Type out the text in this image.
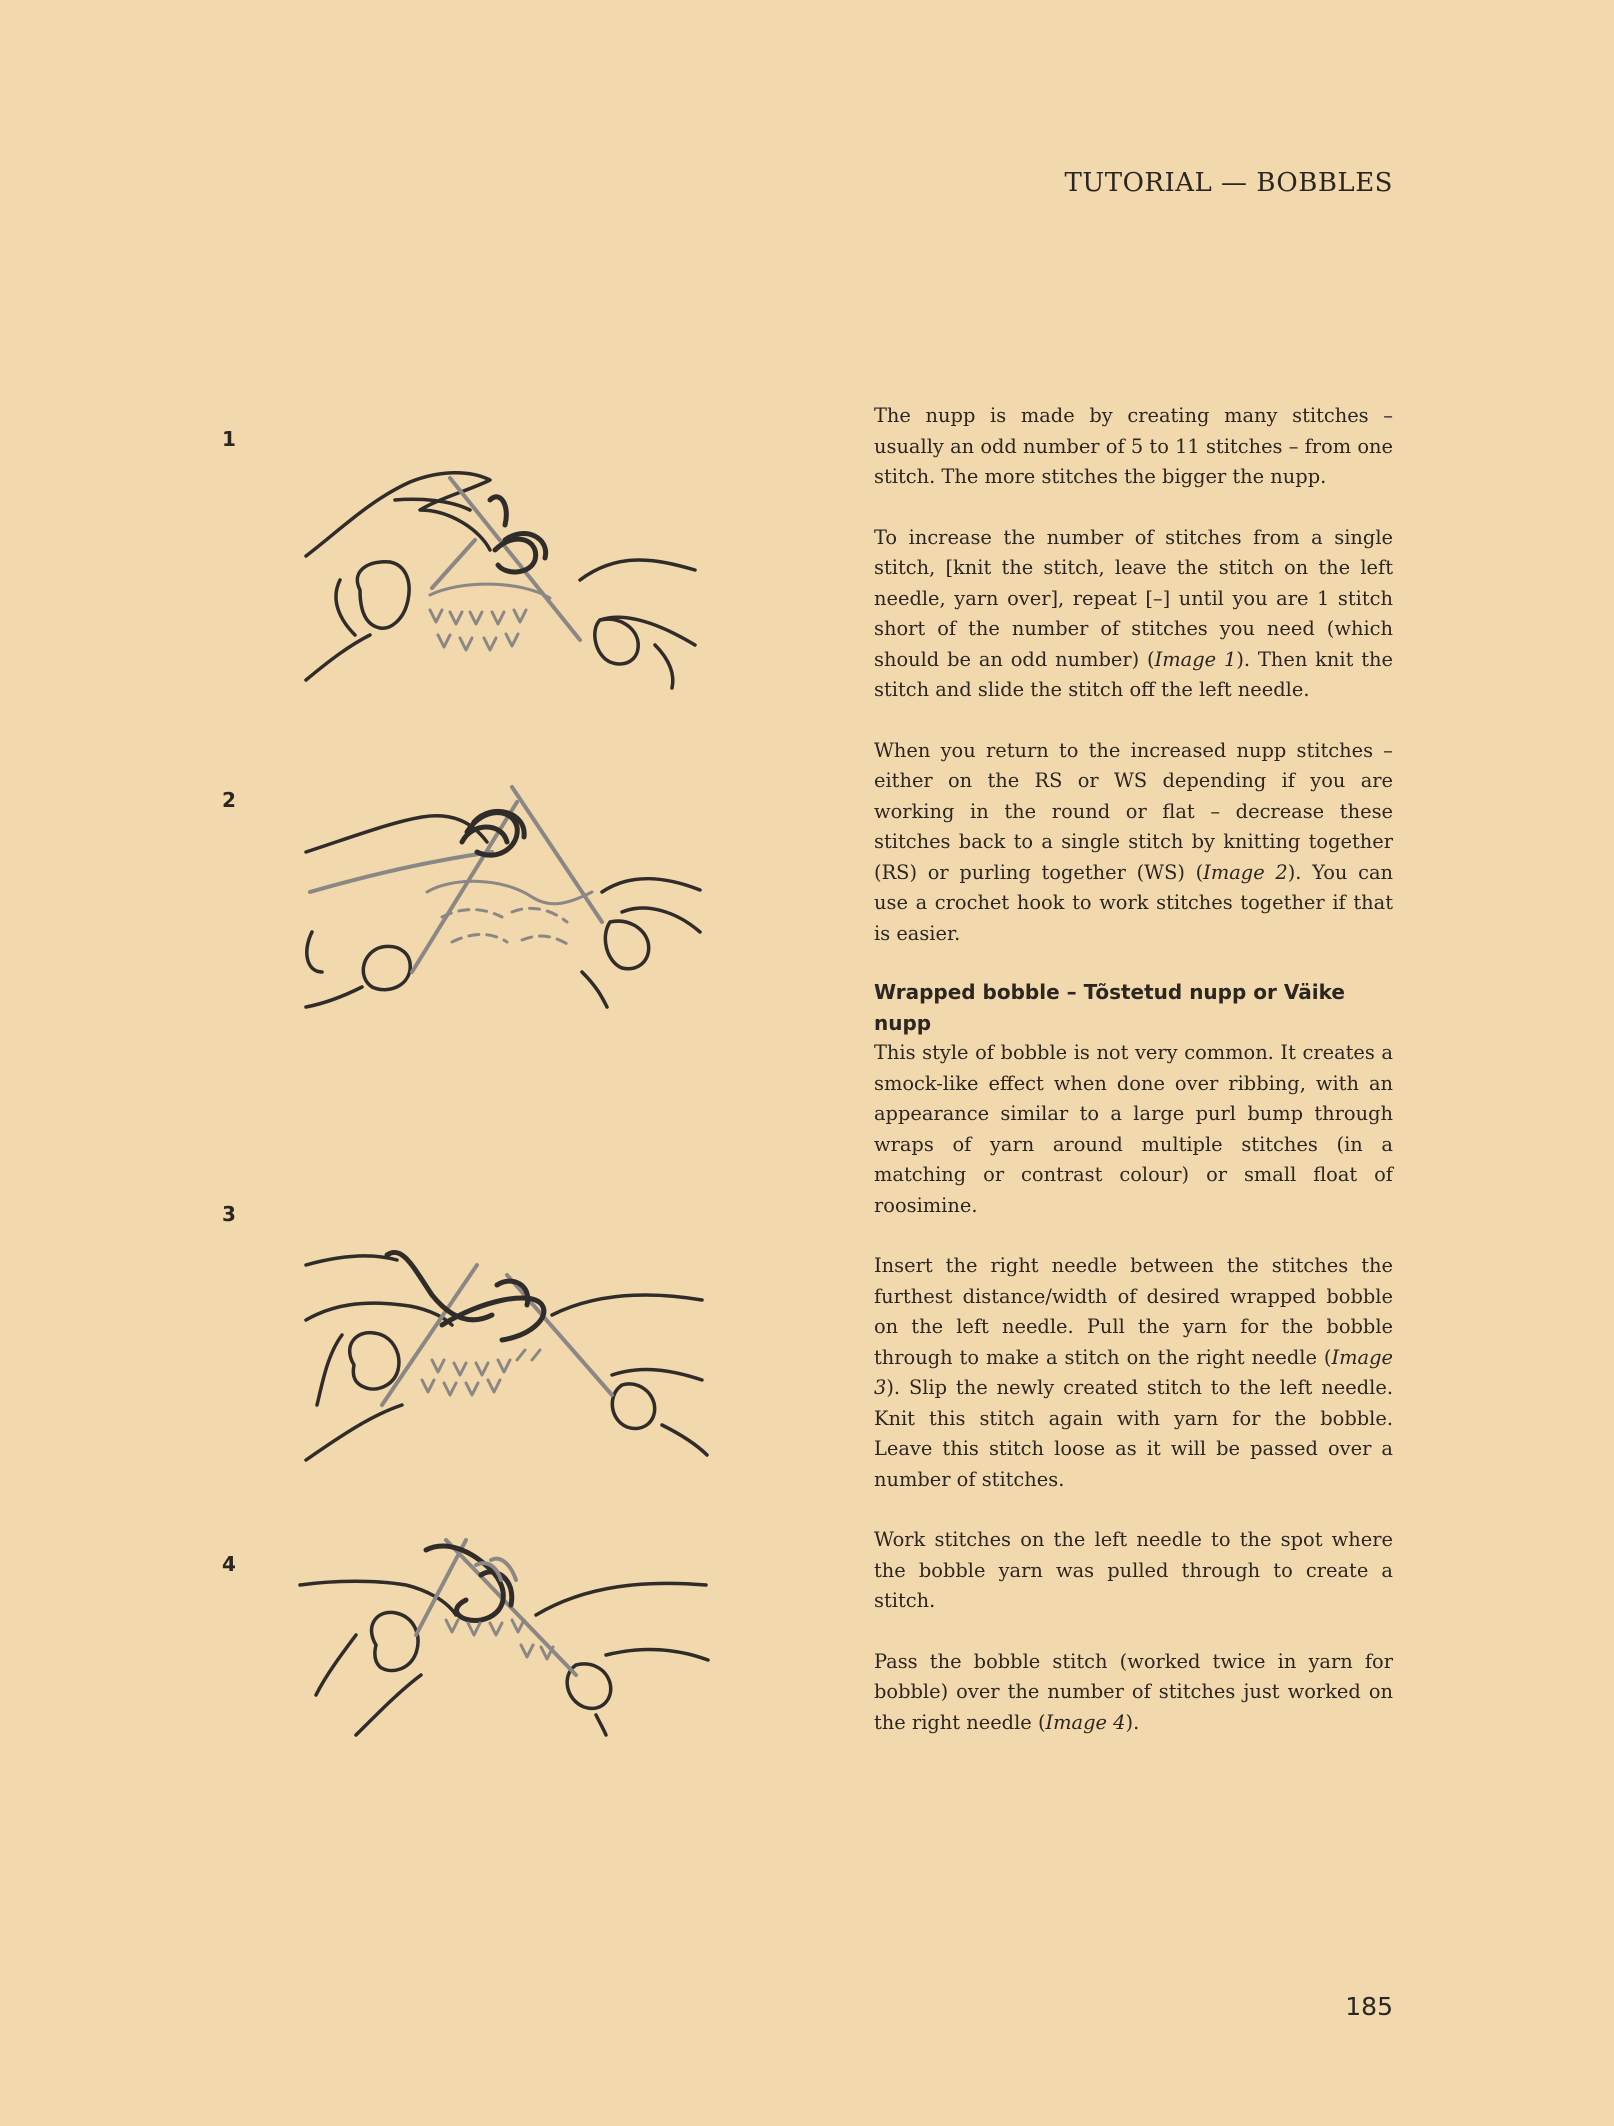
TUTORIAL — BOBBLES
1
2
3
4

The nupp is made by creating many stitches – usually an odd number of 5 to 11 stitches – from one stitch. The more stitches the bigger the nupp.

To increase the number of stitches from a single stitch, [knit the stitch, leave the stitch on the left needle, yarn over], repeat [–] until you are 1 stitch short of the number of stitches you need (which should be an odd number) (Image 1). Then knit the stitch and slide the stitch off the left needle.

When you return to the increased nupp stitches – either on the RS or WS depending if you are working in the round or flat – decrease these stitches back to a single stitch by knitting together (RS) or purling together (WS) (Image 2). You can use a crochet hook to work stitches together if that is easier.

Wrapped bobble – Tõstetud nupp or Väike nupp

This style of bobble is not very common. It creates a smock-like effect when done over ribbing, with an appearance similar to a large purl bump through wraps of yarn around multiple stitches (in a matching or contrast colour) or small float of roosimine.

Insert the right needle between the stitches the furthest distance/width of desired wrapped bobble on the left needle. Pull the yarn for the bobble through to make a stitch on the right needle (Image 3). Slip the newly created stitch to the left needle. Knit this stitch again with yarn for the bobble. Leave this stitch loose as it will be passed over a number of stitches.

Work stitches on the left needle to the spot where the bobble yarn was pulled through to create a stitch.

Pass the bobble stitch (worked twice in yarn for bobble) over the number of stitches just worked on the right needle (Image 4).

185
